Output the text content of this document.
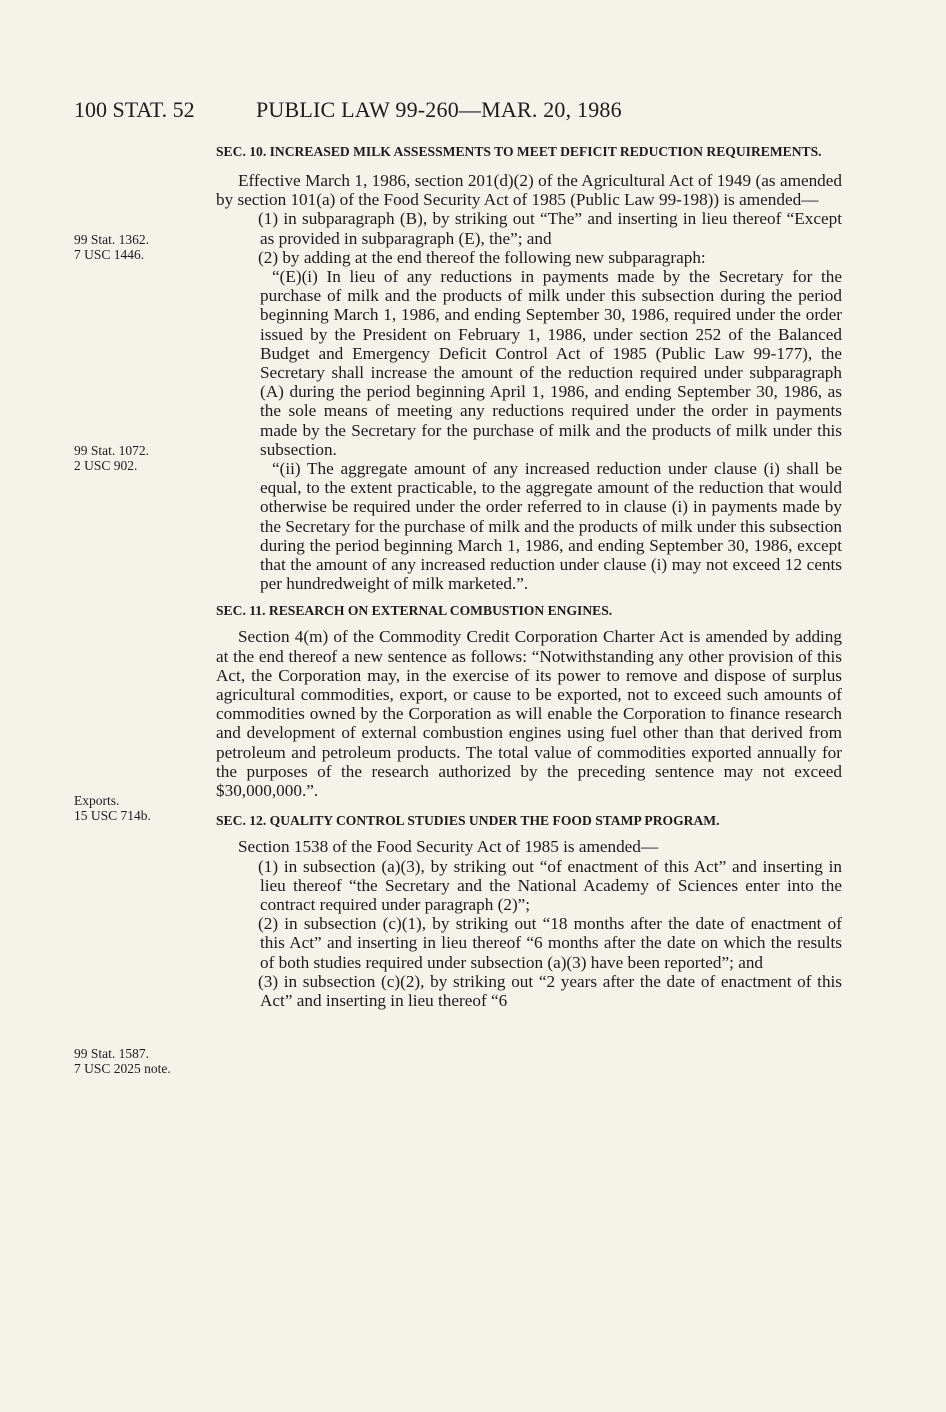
100 STAT. 52	PUBLIC LAW 99-260—MAR. 20, 1986
99 Stat. 1362.
7 USC 1446.
99 Stat. 1072.
2 USC 902.
Exports.
15 USC 714b.
99 Stat. 1587.
7 USC 2025 note.

SEC. 10. INCREASED MILK ASSESSMENTS TO MEET DEFICIT REDUCTION REQUIREMENTS.

Effective March 1, 1986, section 201(d)(2) of the Agricultural Act of 1949 (as amended by section 101(a) of the Food Security Act of 1985 (Public Law 99-198)) is amended—

(1) in subparagraph (B), by striking out “The” and inserting in lieu thereof “Except as provided in subparagraph (E), the”; and

(2) by adding at the end thereof the following new subparagraph:

“(E)(i) In lieu of any reductions in payments made by the Secretary for the purchase of milk and the products of milk under this subsection during the period beginning March 1, 1986, and ending September 30, 1986, required under the order issued by the President on February 1, 1986, under section 252 of the Balanced Budget and Emergency Deficit Control Act of 1985 (Public Law 99-177), the Secretary shall increase the amount of the reduction required under subparagraph (A) during the period beginning April 1, 1986, and ending September 30, 1986, as the sole means of meeting any reductions required under the order in payments made by the Secretary for the purchase of milk and the products of milk under this subsection.

“(ii) The aggregate amount of any increased reduction under clause (i) shall be equal, to the extent practicable, to the aggregate amount of the reduction that would otherwise be required under the order referred to in clause (i) in payments made by the Secretary for the purchase of milk and the products of milk under this subsection during the period beginning March 1, 1986, and ending September 30, 1986, except that the amount of any increased reduction under clause (i) may not exceed 12 cents per hundredweight of milk marketed.”.

SEC. 11. RESEARCH ON EXTERNAL COMBUSTION ENGINES.

Section 4(m) of the Commodity Credit Corporation Charter Act is amended by adding at the end thereof a new sentence as follows: “Notwithstanding any other provision of this Act, the Corporation may, in the exercise of its power to remove and dispose of surplus agricultural commodities, export, or cause to be exported, not to exceed such amounts of commodities owned by the Corporation as will enable the Corporation to finance research and development of external combustion engines using fuel other than that derived from petroleum and petroleum products. The total value of commodities exported annually for the purposes of the research authorized by the preceding sentence may not exceed $30,000,000.”.

SEC. 12. QUALITY CONTROL STUDIES UNDER THE FOOD STAMP PROGRAM.

Section 1538 of the Food Security Act of 1985 is amended—

(1) in subsection (a)(3), by striking out “of enactment of this Act” and inserting in lieu thereof “the Secretary and the National Academy of Sciences enter into the contract required under paragraph (2)”;

(2) in subsection (c)(1), by striking out “18 months after the date of enactment of this Act” and inserting in lieu thereof “6 months after the date on which the results of both studies required under subsection (a)(3) have been reported”; and

(3) in subsection (c)(2), by striking out “2 years after the date of enactment of this Act” and inserting in lieu thereof “6
